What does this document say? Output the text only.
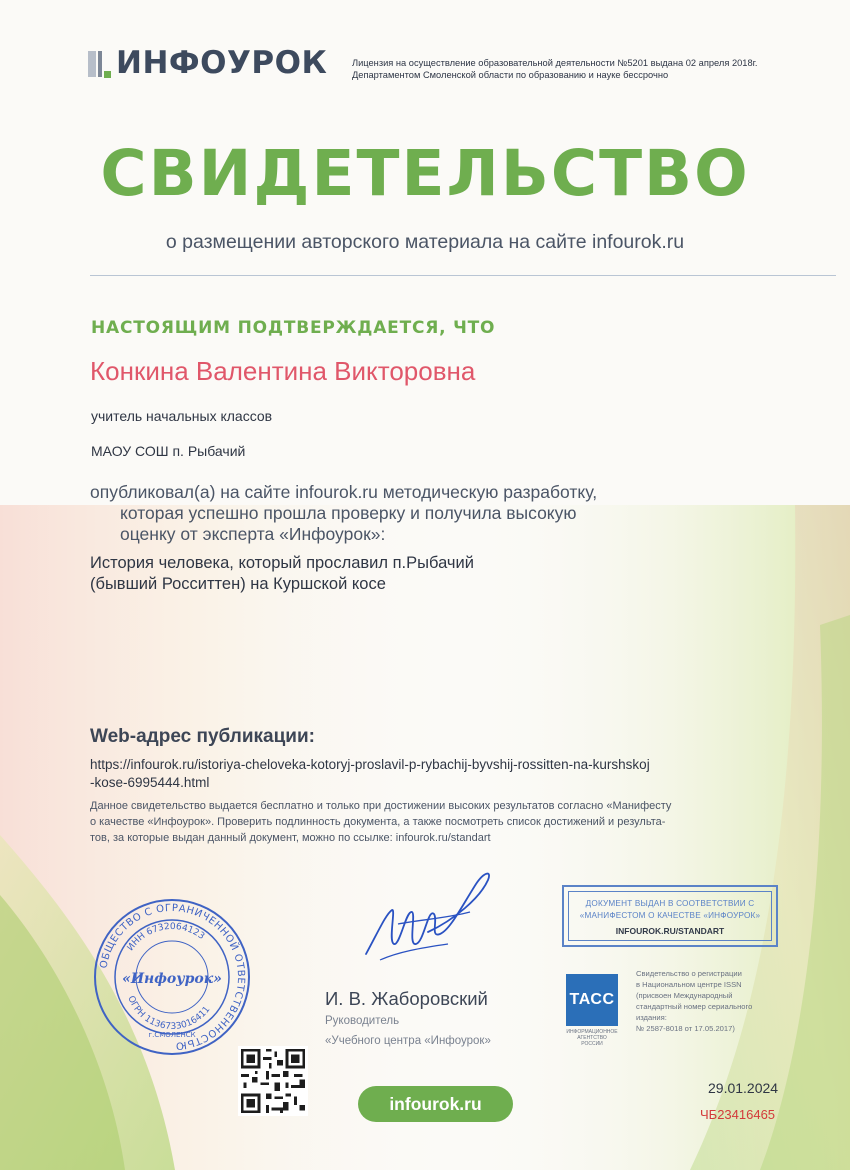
ИНФОУРОК	Лицензия на осуществление образовательной деятельности №5201 выдана 02 апреля 2018г.
Департаментом Смоленской области по образованию и науке бессрочно
СВИДЕТЕЛЬСТВО
о размещении авторского материала на сайте infourok.ru
НАСТОЯЩИМ ПОДТВЕРЖДАЕТСЯ, ЧТО
Конкина Валентина Викторовна
учитель начальных классов
МАОУ СОШ п. Рыбачий
опубликовал(а) на сайте infourok.ru методическую разработку,
которая успешно прошла проверку и получила высокую
оценку от эксперта «Инфоурок»:
История человека, который прославил п.Рыбачий
(бывший Росситтен) на Куршской косе
Web-адрес публикации:
https://infourok.ru/istoriya-cheloveka-kotoryj-proslavil-p-rybachij-byvshij-rossitten-na-kurshskoj
-kose-6995444.html
Данное свидетельство выдается бесплатно и только при достижении высоких результатов согласно «Манифесту
о качестве «Инфоурок». Проверить подлинность документа, а также посмотреть список достижений и результа-
тов, за которые выдан данный документ, можно по ссылке: infourok.ru/standart
ОБЩЕСТВО С ОГРАНИЧЕННОЙ ОТВЕТСТВЕННОСТЬЮ
ИНН 6732064123
ОГРН 1136733016411
«Инфоурок»
г.СМОЛЕНСК
И. В. Жаборовский
Руководитель
«Учебного центра «Инфоурок»
ДОКУМЕНТ ВЫДАН В СООТВЕТСТВИИ С
«МАНИФЕСТОМ О КАЧЕСТВЕ «ИНФОУРОК»
INFOUROK.RU/STANDART
ТАСС
ИНФОРМАЦИОННОЕ АГЕНТСТВО РОССИИ
Свидетельство о регистрации
в Национальном центре ISSN
(присвоен Международный
стандартный номер сериального
издания:
№ 2587-8018 от 17.05.2017)
infourok.ru
29.01.2024
ЧБ23416465
